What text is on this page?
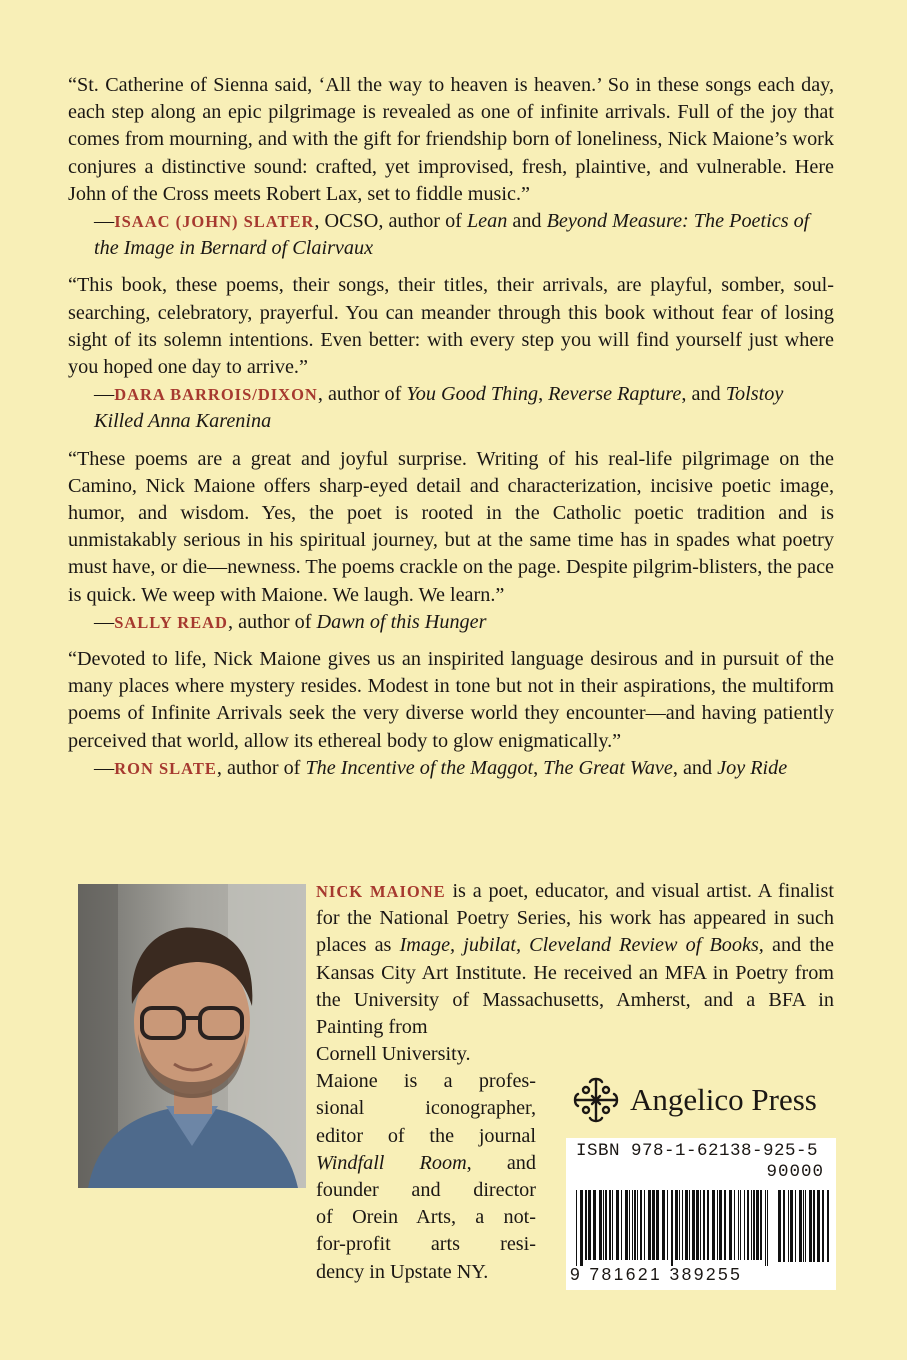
“St. Catherine of Sienna said, ‘All the way to heaven is heaven.’ So in these songs each day, each step along an epic pilgrimage is revealed as one of infinite arrivals. Full of the joy that comes from mourning, and with the gift for friendship born of loneliness, Nick Maione’s work conjures a distinctive sound: crafted, yet improvised, fresh, plaintive, and vulnerable. Here John of the Cross meets Robert Lax, set to fiddle music.”

—ISAAC (JOHN) SLATER, OCSO, author of Lean and Beyond Measure: The Poetics of the Image in Bernard of Clairvaux

“This book, these poems, their songs, their titles, their arrivals, are playful, somber, soul-searching, celebratory, prayerful. You can meander through this book without fear of losing sight of its solemn intentions. Even better: with every step you will find yourself just where you hoped one day to arrive.”

—DARA BARROIS/DIXON, author of You Good Thing, Reverse Rapture, and Tolstoy Killed Anna Karenina

“These poems are a great and joyful surprise. Writing of his real-life pilgrimage on the Camino, Nick Maione offers sharp-eyed detail and characterization, incisive poetic image, humor, and wisdom. Yes, the poet is rooted in the Catholic poetic tradition and is unmistakably serious in his spiritual journey, but at the same time has in spades what poetry must have, or die—newness. The poems crackle on the page. Despite pilgrim-blisters, the pace is quick. We weep with Maione. We laugh. We learn.”

—SALLY READ, author of Dawn of this Hunger

“Devoted to life, Nick Maione gives us an inspirited language desirous and in pursuit of the many places where mystery resides. Modest in tone but not in their aspirations, the multiform poems of Infinite Arrivals seek the very diverse world they encounter—and having patiently perceived that world, allow its ethereal body to glow enigmatically.”

—RON SLATE, author of The Incentive of the Maggot, The Great Wave, and Joy Ride

NICK MAIONE is a poet, educator, and visual artist. A finalist for the National Poetry Series, his work has appeared in such places as Image, jubilat, Cleveland Review of Books, and the Kansas City Art Institute. He received an MFA in Poetry from the University of Massachusetts, Amherst, and a BFA in Painting from

Cornell University.
Maione is a profes-
sional iconographer,
editor of the journal
Windfall Room, and
founder and director
of Orein Arts, a not-
for-profit arts resi-
dency in Upstate NY.
Angelico Press
ISBN 978-1-62138-925-5
90000
9 781621 389255
